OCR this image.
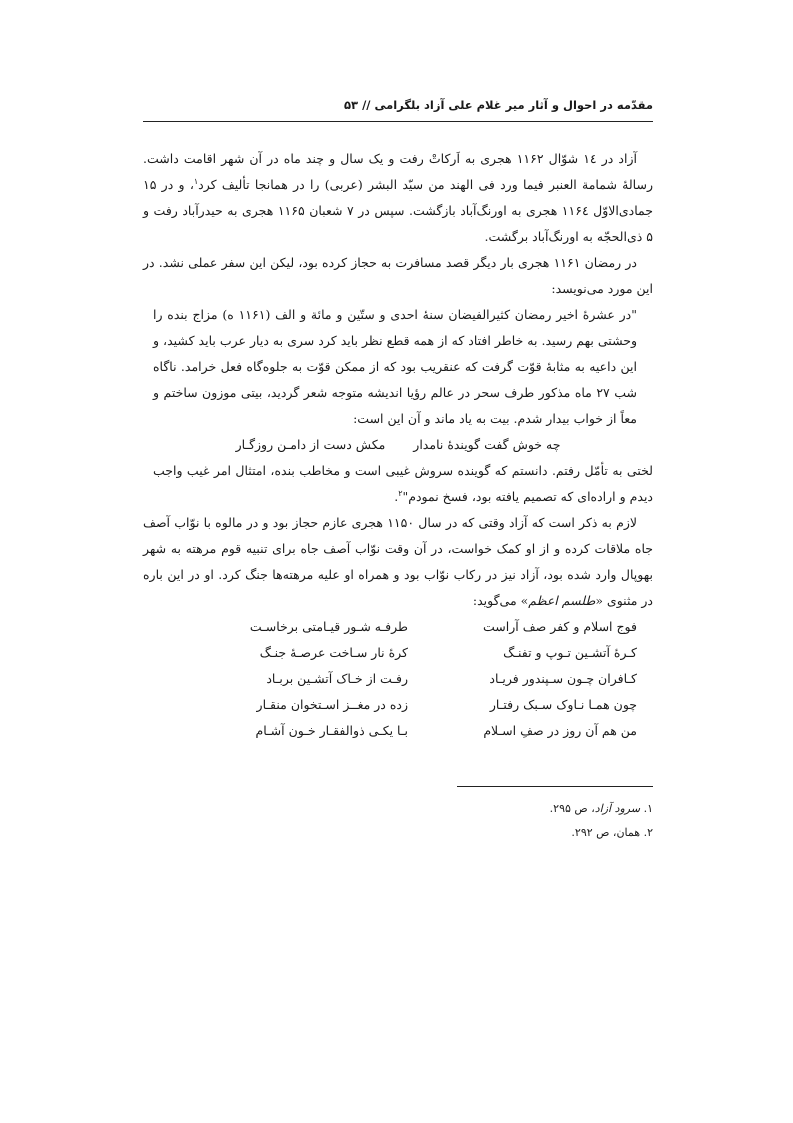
مقدّمه در احوال و آثار میر غلام علی آزاد بلگرامی // ۵۳

آزاد در ۱٤ شوّال ۱۱۶۲ هجری به اَرکاتْ رفت و یک سال و چند ماه در آن شهر اقامت داشت. رسالهٔ شمامة العنبر فیما ورد فی الهند من سیّد البشر (عربی) را در همانجا تألیف کرد$^۱$، و در ۱۵ جمادی‌الاوّل ۱۱۶٤ هجری به اورنگ‌آباد بازگشت. سپس در ۷ شعبان ۱۱۶۵ هجری به حیدرآباد رفت و ۵ ذی‌الحجّه به اورنگ‌آباد برگشت.

در رمضان ۱۱۶۱ هجری بار دیگر قصد مسافرت به حجاز کرده بود، لیکن این سفر عملی نشد. در این مورد می‌نویسد:

"در عشرهٔ اخیر رمضان کثیرالفیضان سنهٔ احدی و ستّین و مائة و الف (۱۱۶۱ ه) مزاج بنده را وحشتی بهم رسید. به خاطر افتاد که از همه قطع نظر باید کرد سری به دیار عرب باید کشید، و این داعیه به مثابهٔ قوّت گرفت که عنقریب بود که از ممکن قوّت به جلوه‌گاه فعل خرامد. ناگاه شب ۲۷ ماه مذکور طرف سحر در عالم رؤیا اندیشه متوجه شعر گردید، بیتی موزون ساختم و معاً از خواب بیدار شدم. بیت به یاد ماند و آن این است:

چه خوش گفت گویندهٔ نامدارمکش دست از دامـن روزگـار

لختی به تأمّل رفتم. دانستم که گوینده سروش غیبی است و مخاطب بنده، امتثال امر غیب واجب دیدم و اراده‌ای که تصمیم یافته بود، فسخ نمودم"$^۲$.

لازم به ذکر است که آزاد وقتی که در سال ۱۱۵۰ هجری عازم حجاز بود و در مالوه با نوّاب آصف جاه ملاقات کرده و از او کمک خواست، در آن وقت نوّاب آصف جاه برای تنبیه قوم مرهته به شهر بهوپال وارد شده بود، آزاد نیز در رکاب نوّاب بود و همراه او علیه مرهته‌ها جنگ کرد. او در این باره در مثنوی «طلسم اعظم» می‌گوید:

فوج اسلام و کفر صف آراست
طرفـه شـور قیـامتی برخاسـت
کـرهٔ آتشـین تـوپ و تفنـگ
کرهٔ نار سـاخت عرصـهٔ جنـگ
کـافران چـون سـپندور فریـاد
رفـت از خـاک آتشـین بربـاد
چون همـا نـاوک سـبک رفتـار
زده در مغــز اسـتخوان منقـار
من هم آن روز در صفِ اسـلام
بـا یکـی ذوالفقـار خـون آشـام

۱. سرود آزاد، ص ۲۹۵.

۲. همان، ص ۲۹۲.
